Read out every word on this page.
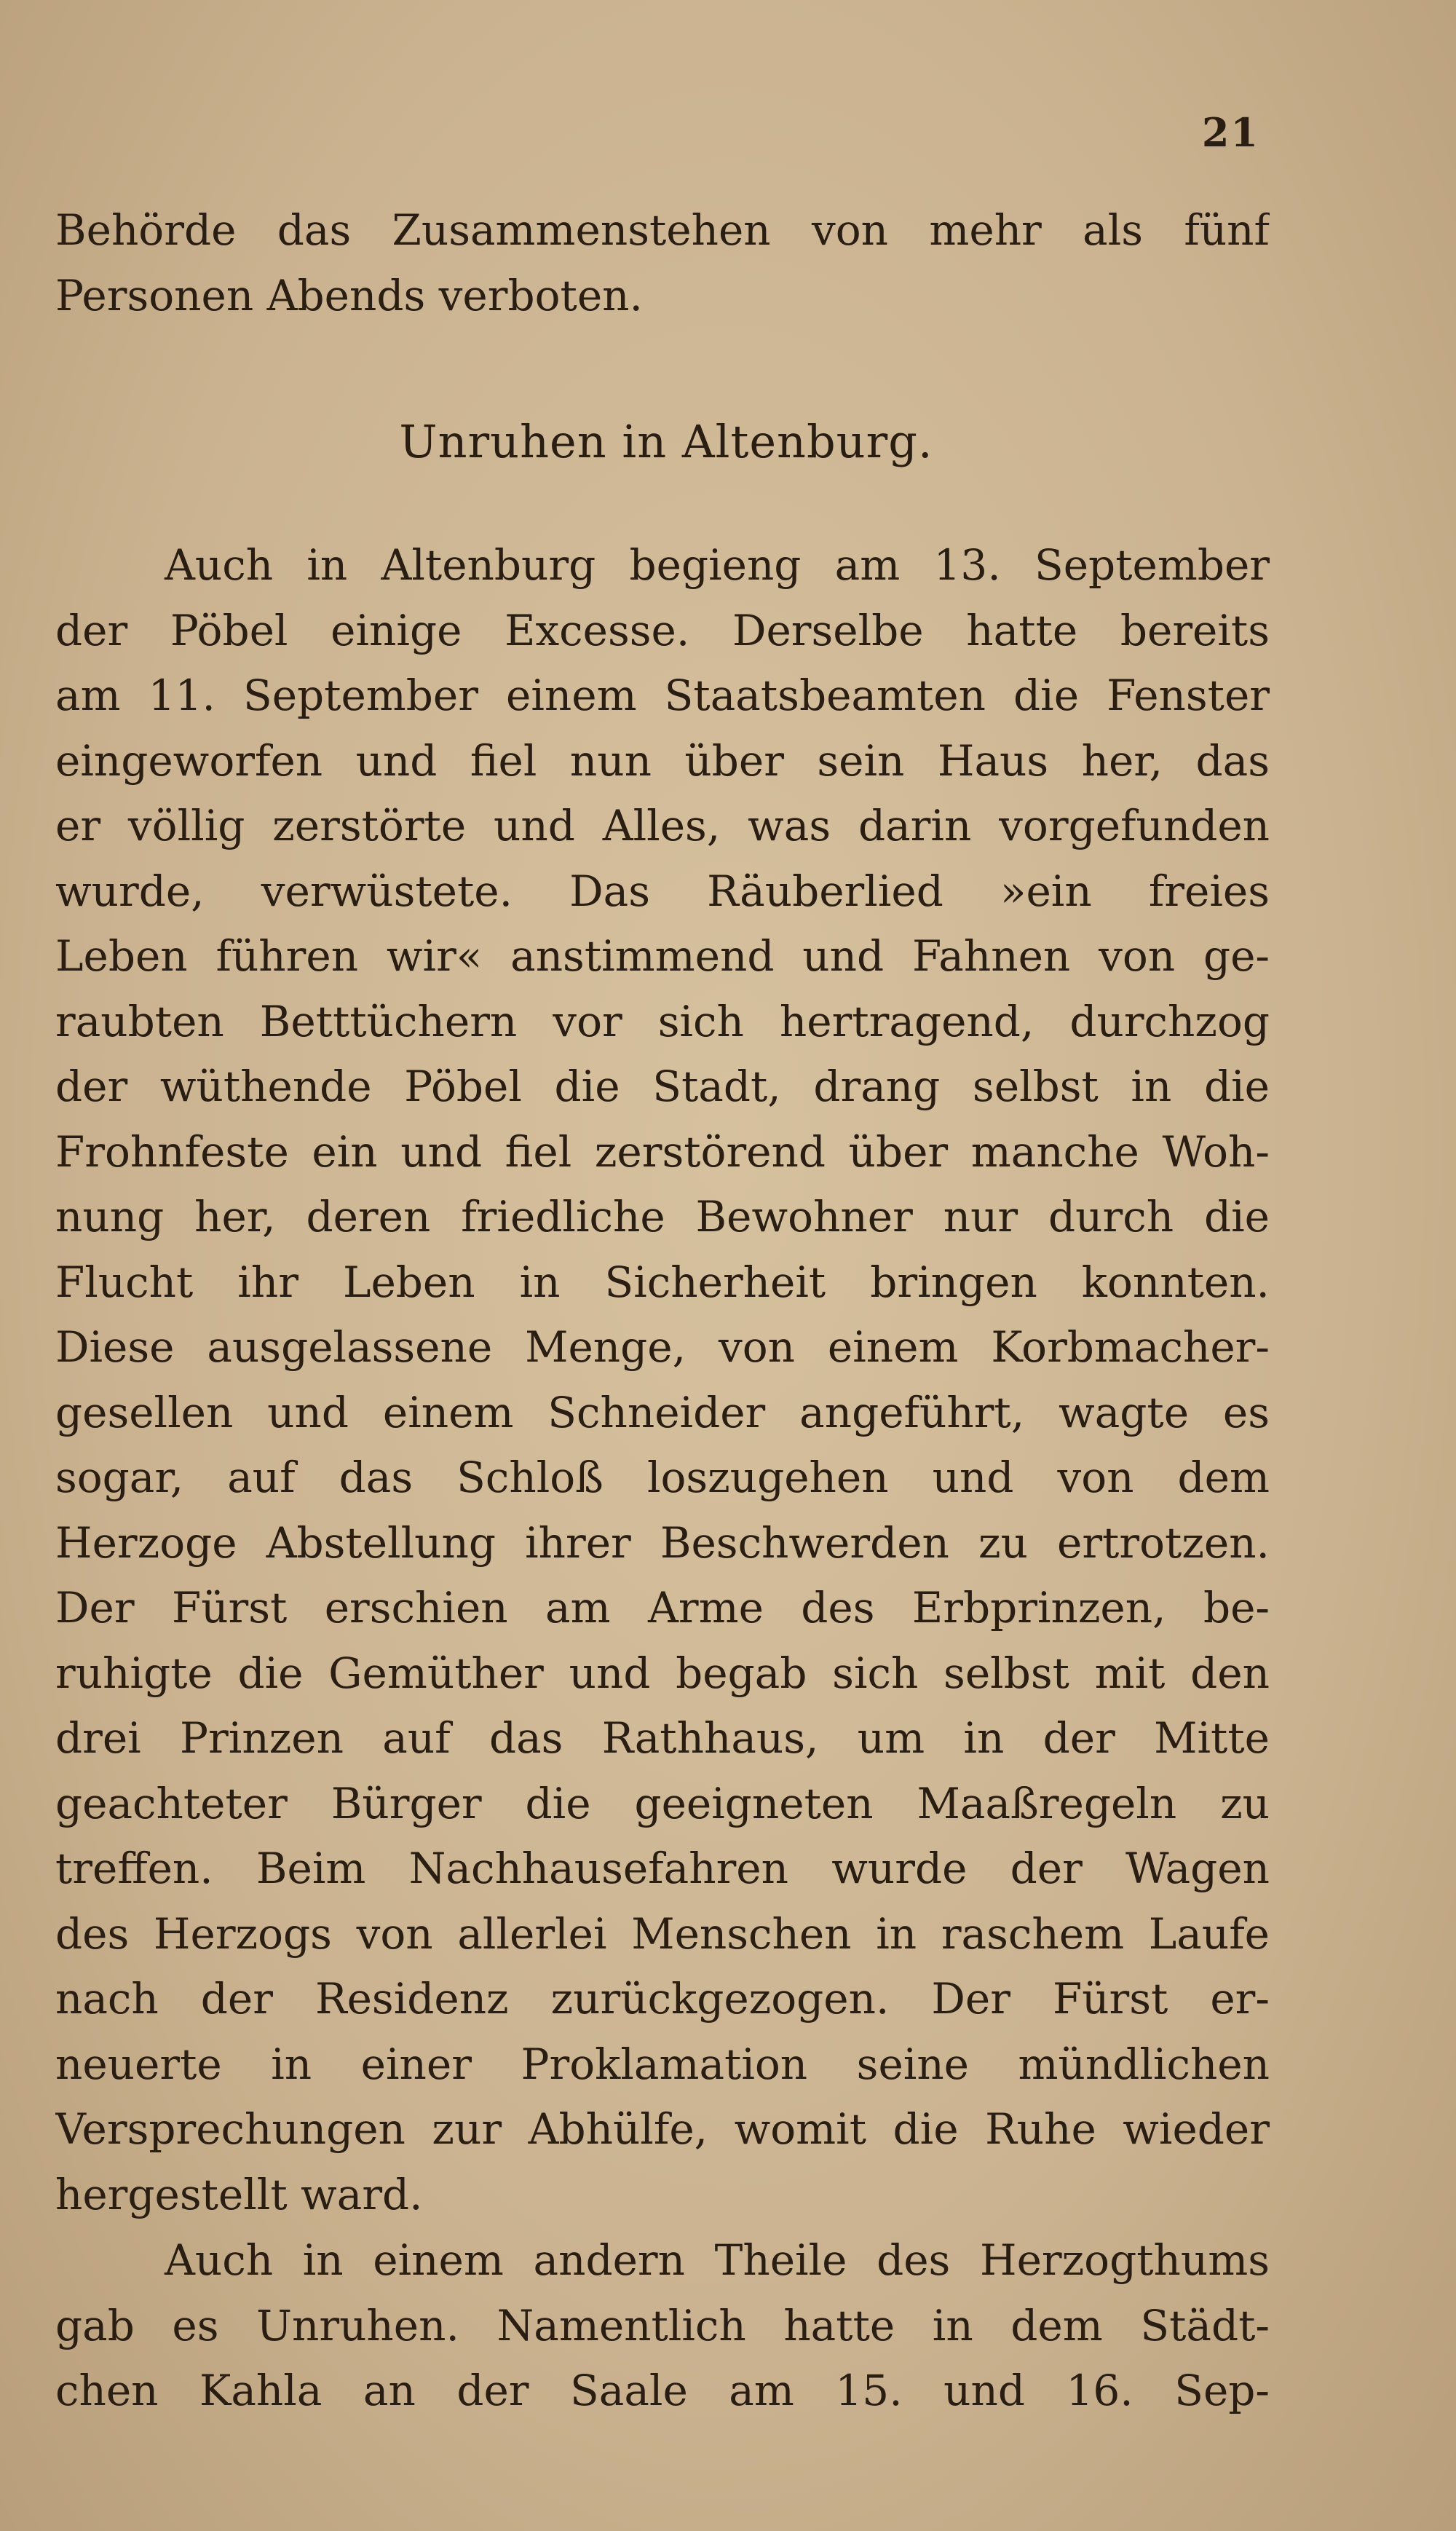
21
Behörde das Zusammenstehen von mehr als fünf
Personen Abends verboten.
Unruhen in Altenburg.
Auch in Altenburg begieng am 13. September
der Pöbel einige Excesse. Derselbe hatte bereits
am 11. September einem Staatsbeamten die Fenster
eingeworfen und fiel nun über sein Haus her, das
er völlig zerstörte und Alles, was darin vorgefunden
wurde, verwüstete. Das Räuberlied »ein freies
Leben führen wir« anstimmend und Fahnen von ge-
raubten Betttüchern vor sich hertragend, durchzog
der wüthende Pöbel die Stadt, drang selbst in die
Frohnfeste ein und fiel zerstörend über manche Woh-
nung her, deren friedliche Bewohner nur durch die
Flucht ihr Leben in Sicherheit bringen konnten.
Diese ausgelassene Menge, von einem Korbmacher-
gesellen und einem Schneider angeführt, wagte es
sogar, auf das Schloß loszugehen und von dem
Herzoge Abstellung ihrer Beschwerden zu ertrotzen.
Der Fürst erschien am Arme des Erbprinzen, be-
ruhigte die Gemüther und begab sich selbst mit den
drei Prinzen auf das Rathhaus, um in der Mitte
geachteter Bürger die geeigneten Maaßregeln zu
treffen. Beim Nachhausefahren wurde der Wagen
des Herzogs von allerlei Menschen in raschem Laufe
nach der Residenz zurückgezogen. Der Fürst er-
neuerte in einer Proklamation seine mündlichen
Versprechungen zur Abhülfe, womit die Ruhe wieder
hergestellt ward.
Auch in einem andern Theile des Herzogthums
gab es Unruhen. Namentlich hatte in dem Städt-
chen Kahla an der Saale am 15. und 16. Sep-
